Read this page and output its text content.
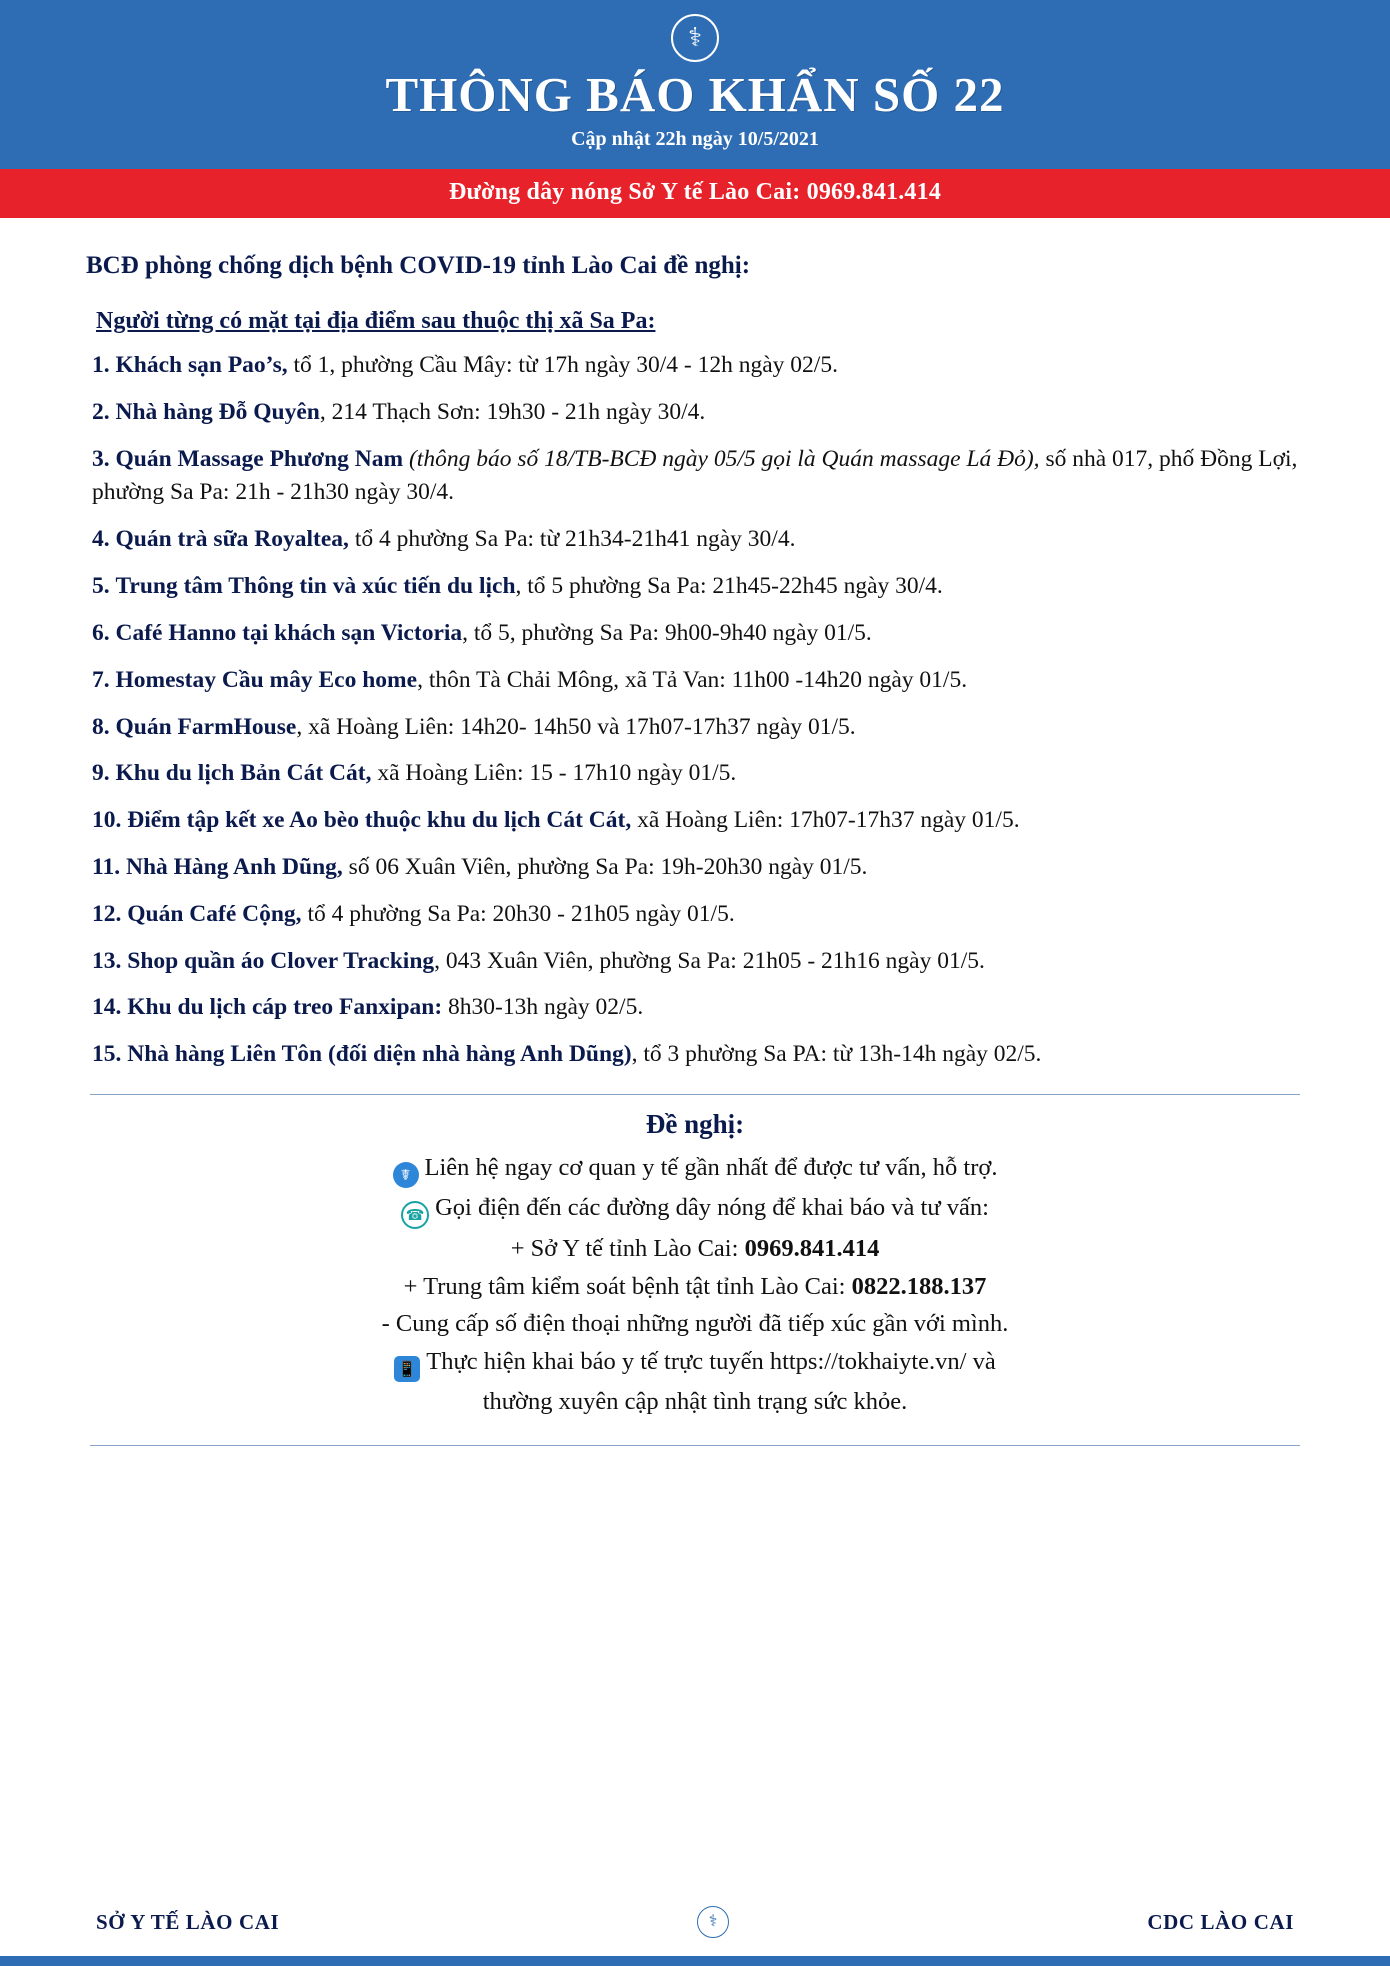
⚕
THÔNG BÁO KHẨN SỐ 22
Cập nhật 22h ngày 10/5/2021
Đường dây nóng Sở Y tế Lào Cai: 0969.841.414
BCĐ phòng chống dịch bệnh COVID-19 tỉnh Lào Cai đề nghị:
Người từng có mặt tại địa điểm sau thuộc thị xã Sa Pa:
1. Khách sạn Pao’s, tổ 1, phường Cầu Mây: từ 17h ngày 30/4 - 12h ngày 02/5.
2. Nhà hàng Đỗ Quyên, 214 Thạch Sơn: 19h30 - 21h ngày 30/4.
3. Quán Massage Phương Nam (thông báo số 18/TB-BCĐ ngày 05/5 gọi là Quán massage Lá Đỏ), số nhà 017, phố Đồng Lợi, phường Sa Pa: 21h - 21h30 ngày 30/4.
4. Quán trà sữa Royaltea, tổ 4 phường Sa Pa: từ 21h34-21h41 ngày 30/4.
5. Trung tâm Thông tin và xúc tiến du lịch, tổ 5 phường Sa Pa: 21h45-22h45 ngày 30/4.
6. Café Hanno tại khách sạn Victoria, tổ 5, phường Sa Pa: 9h00-9h40 ngày 01/5.
7. Homestay Cầu mây Eco home, thôn Tà Chải Mông, xã Tả Van: 11h00 -14h20 ngày 01/5.
8. Quán FarmHouse, xã Hoàng Liên: 14h20- 14h50 và 17h07-17h37 ngày 01/5.
9. Khu du lịch Bản Cát Cát, xã Hoàng Liên: 15 - 17h10 ngày 01/5.
10. Điểm tập kết xe Ao bèo thuộc khu du lịch Cát Cát, xã Hoàng Liên: 17h07-17h37 ngày 01/5.
11. Nhà Hàng Anh Dũng, số 06 Xuân Viên, phường Sa Pa: 19h-20h30 ngày 01/5.
12. Quán Café Cộng, tổ 4 phường Sa Pa: 20h30 - 21h05 ngày 01/5.
13. Shop quần áo Clover Tracking, 043 Xuân Viên, phường Sa Pa: 21h05 - 21h16 ngày 01/5.
14. Khu du lịch cáp treo Fanxipan: 8h30-13h ngày 02/5.
15. Nhà hàng Liên Tôn (đối diện nhà hàng Anh Dũng), tổ 3 phường Sa PA: từ 13h-14h ngày 02/5.
Đề nghị:
☤ Liên hệ ngay cơ quan y tế gần nhất để được tư vấn, hỗ trợ.
☎ Gọi điện đến các đường dây nóng để khai báo và tư vấn:
+ Sở Y tế tỉnh Lào Cai: 0969.841.414
+ Trung tâm kiểm soát bệnh tật tỉnh Lào Cai: 0822.188.137
- Cung cấp số điện thoại những người đã tiếp xúc gần với mình.
📱 Thực hiện khai báo y tế trực tuyến https://tokhaiyte.vn/ và
thường xuyên cập nhật tình trạng sức khỏe.
SỞ Y TẾ LÀO CAI	⚕	CDC LÀO CAI
